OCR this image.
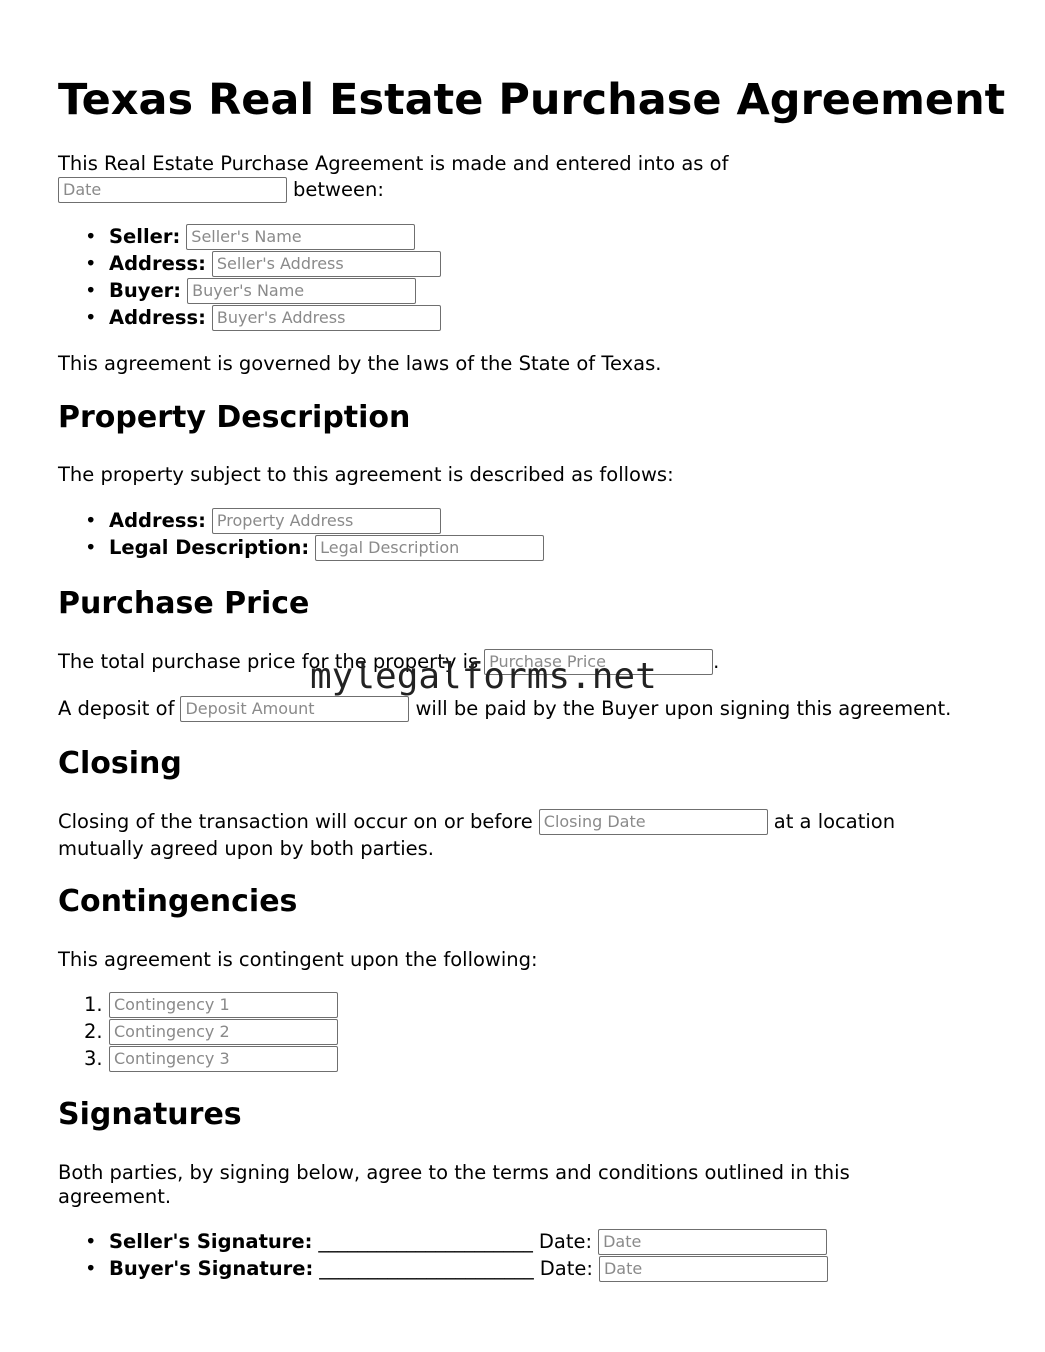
Texas Real Estate Purchase Agreement

This Real Estate Purchase Agreement is made and entered into as of

Date
between:
• Seller:
Seller's Name
• Address:
Seller's Address
• Buyer:
Buyer's Name
• Address:
Buyer's Address

This agreement is governed by the laws of the State of Texas.

Property Description

The property subject to this agreement is described as follows:

• Address:
Property Address
• Legal Description:
Legal Description
Purchase Price
The total purchase price for the property is
Purchase Price	.
A deposit of
Deposit Amount	will be paid by the Buyer upon signing this agreement.
Closing
Closing of the transaction will occur on or before
Closing Date	at a location

mutually agreed upon by both parties.

Contingencies

This agreement is contingent upon the following:

1.
Contingency 1
2.
Contingency 2
3.
Contingency 3
Signatures

Both parties, by signing below, agree to the terms and conditions outlined in this

agreement.

• Seller's Signature: ______________________ Date:
Date
• Buyer's Signature: ______________________ Date:
Date
mylegalforms.net
